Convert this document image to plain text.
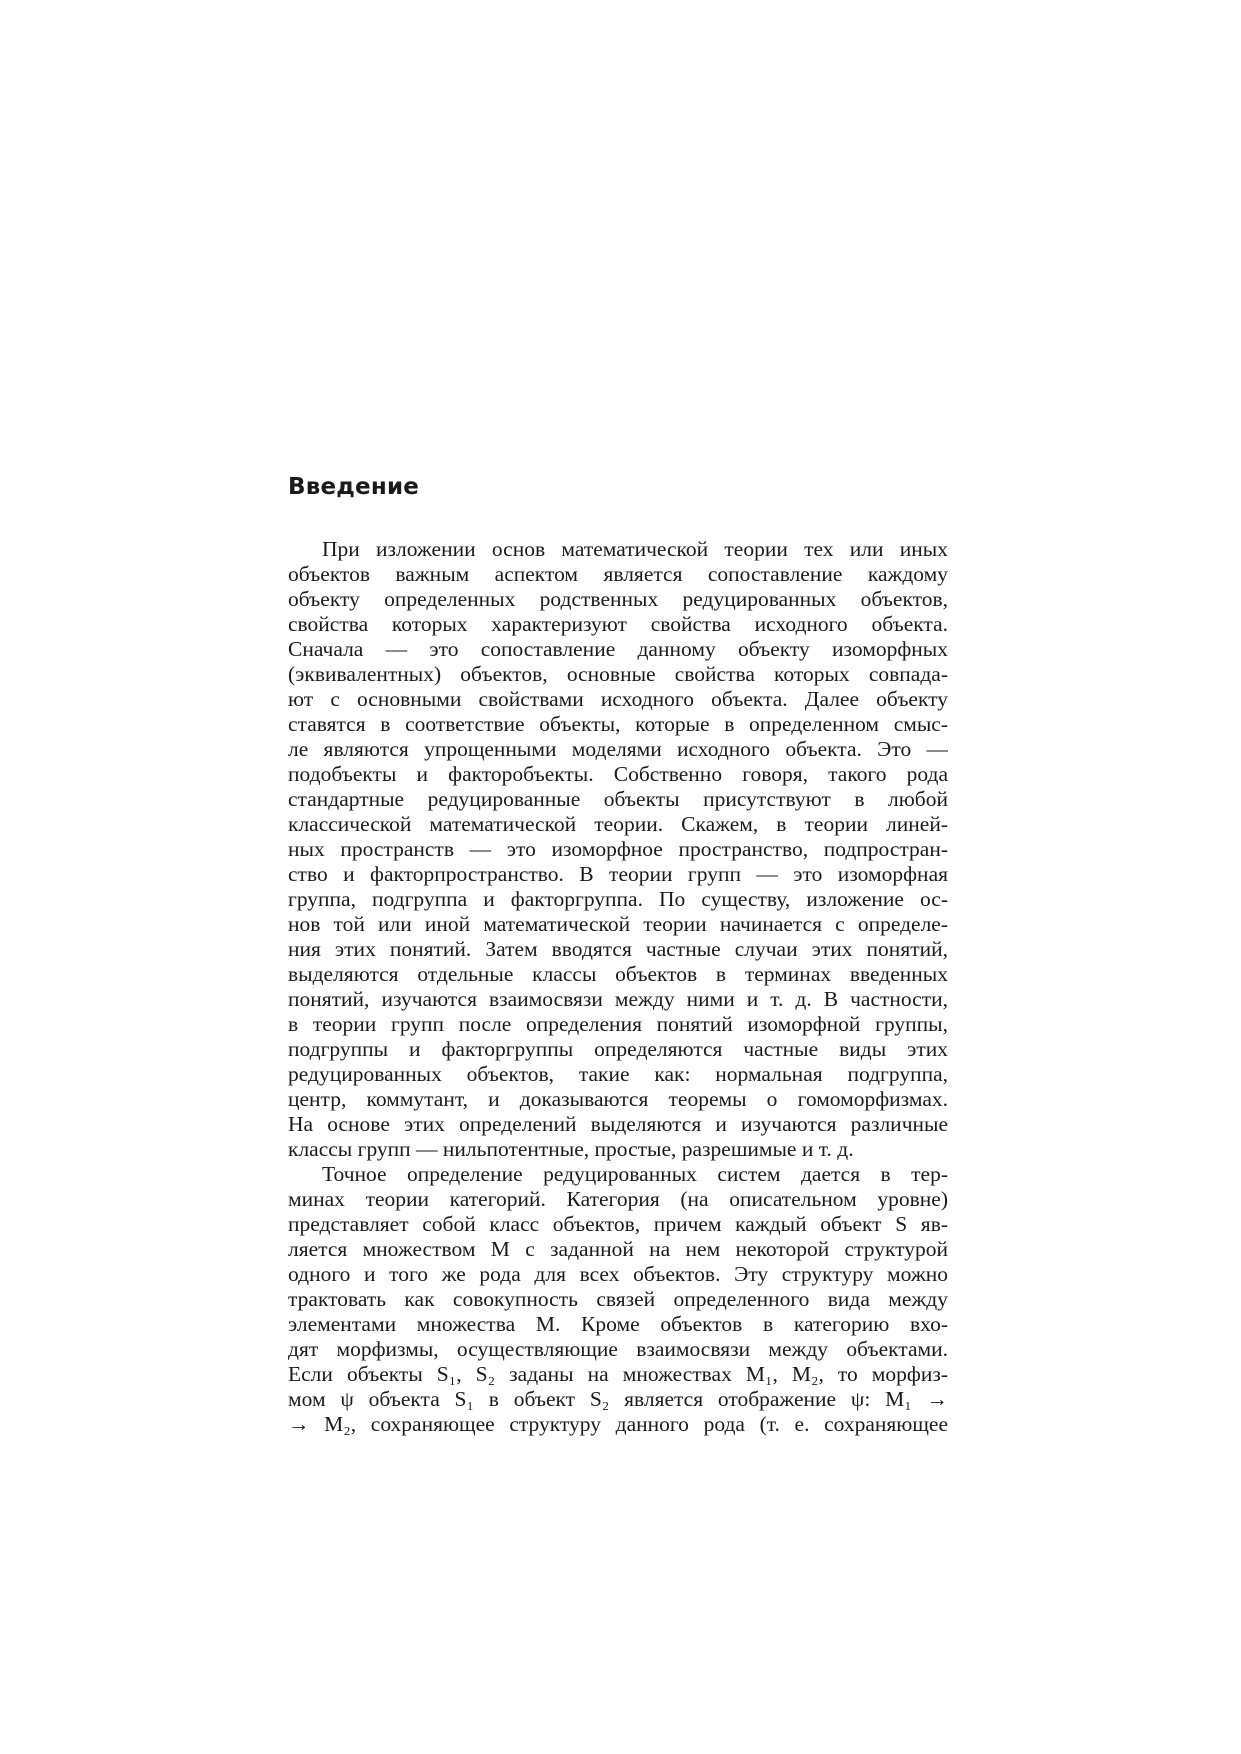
Введение
При изложении основ математической теории тех или иных
объектов важным аспектом является сопоставление каждому
объекту определенных родственных редуцированных объектов,
свойства которых характеризуют свойства исходного объекта.
Сначала — это сопоставление данному объекту изоморфных
(эквивалентных) объектов, основные свойства которых совпада-
ют с основными свойствами исходного объекта. Далее объекту
ставятся в соответствие объекты, которые в определенном смыс-
ле являются упрощенными моделями исходного объекта. Это —
подобъекты и факторобъекты. Собственно говоря, такого рода
стандартные редуцированные объекты присутствуют в любой
классической математической теории. Скажем, в теории линей-
ных пространств — это изоморфное пространство, подпростран-
ство и факторпространство. В теории групп — это изоморфная
группа, подгруппа и факторгруппа. По существу, изложение ос-
нов той или иной математической теории начинается с определе-
ния этих понятий. Затем вводятся частные случаи этих понятий,
выделяются отдельные классы объектов в терминах введенных
понятий, изучаются взаимосвязи между ними и т. д. В частности,
в теории групп после определения понятий изоморфной группы,
подгруппы и факторгруппы определяются частные виды этих
редуцированных объектов, такие как: нормальная подгруппа,
центр, коммутант, и доказываются теоремы о гомоморфизмах.
На основе этих определений выделяются и изучаются различные
классы групп — нильпотентные, простые, разрешимые и т. д.
Точное определение редуцированных систем дается в тер-
минах теории категорий. Категория (на описательном уровне)
представляет собой класс объектов, причем каждый объект S яв-
ляется множеством M с заданной на нем некоторой структурой
одного и того же рода для всех объектов. Эту структуру можно
трактовать как совокупность связей определенного вида между
элементами множества M. Кроме объектов в категорию вхо-
дят морфизмы, осуществляющие взаимосвязи между объектами.
Если объекты S₁, S₂ заданы на множествах M₁, M₂, то морфиз-
мом ψ объекта S₁ в объект S₂ является отображение ψ: M₁ →
→ M₂, сохраняющее структуру данного рода (т. е. сохраняющее
